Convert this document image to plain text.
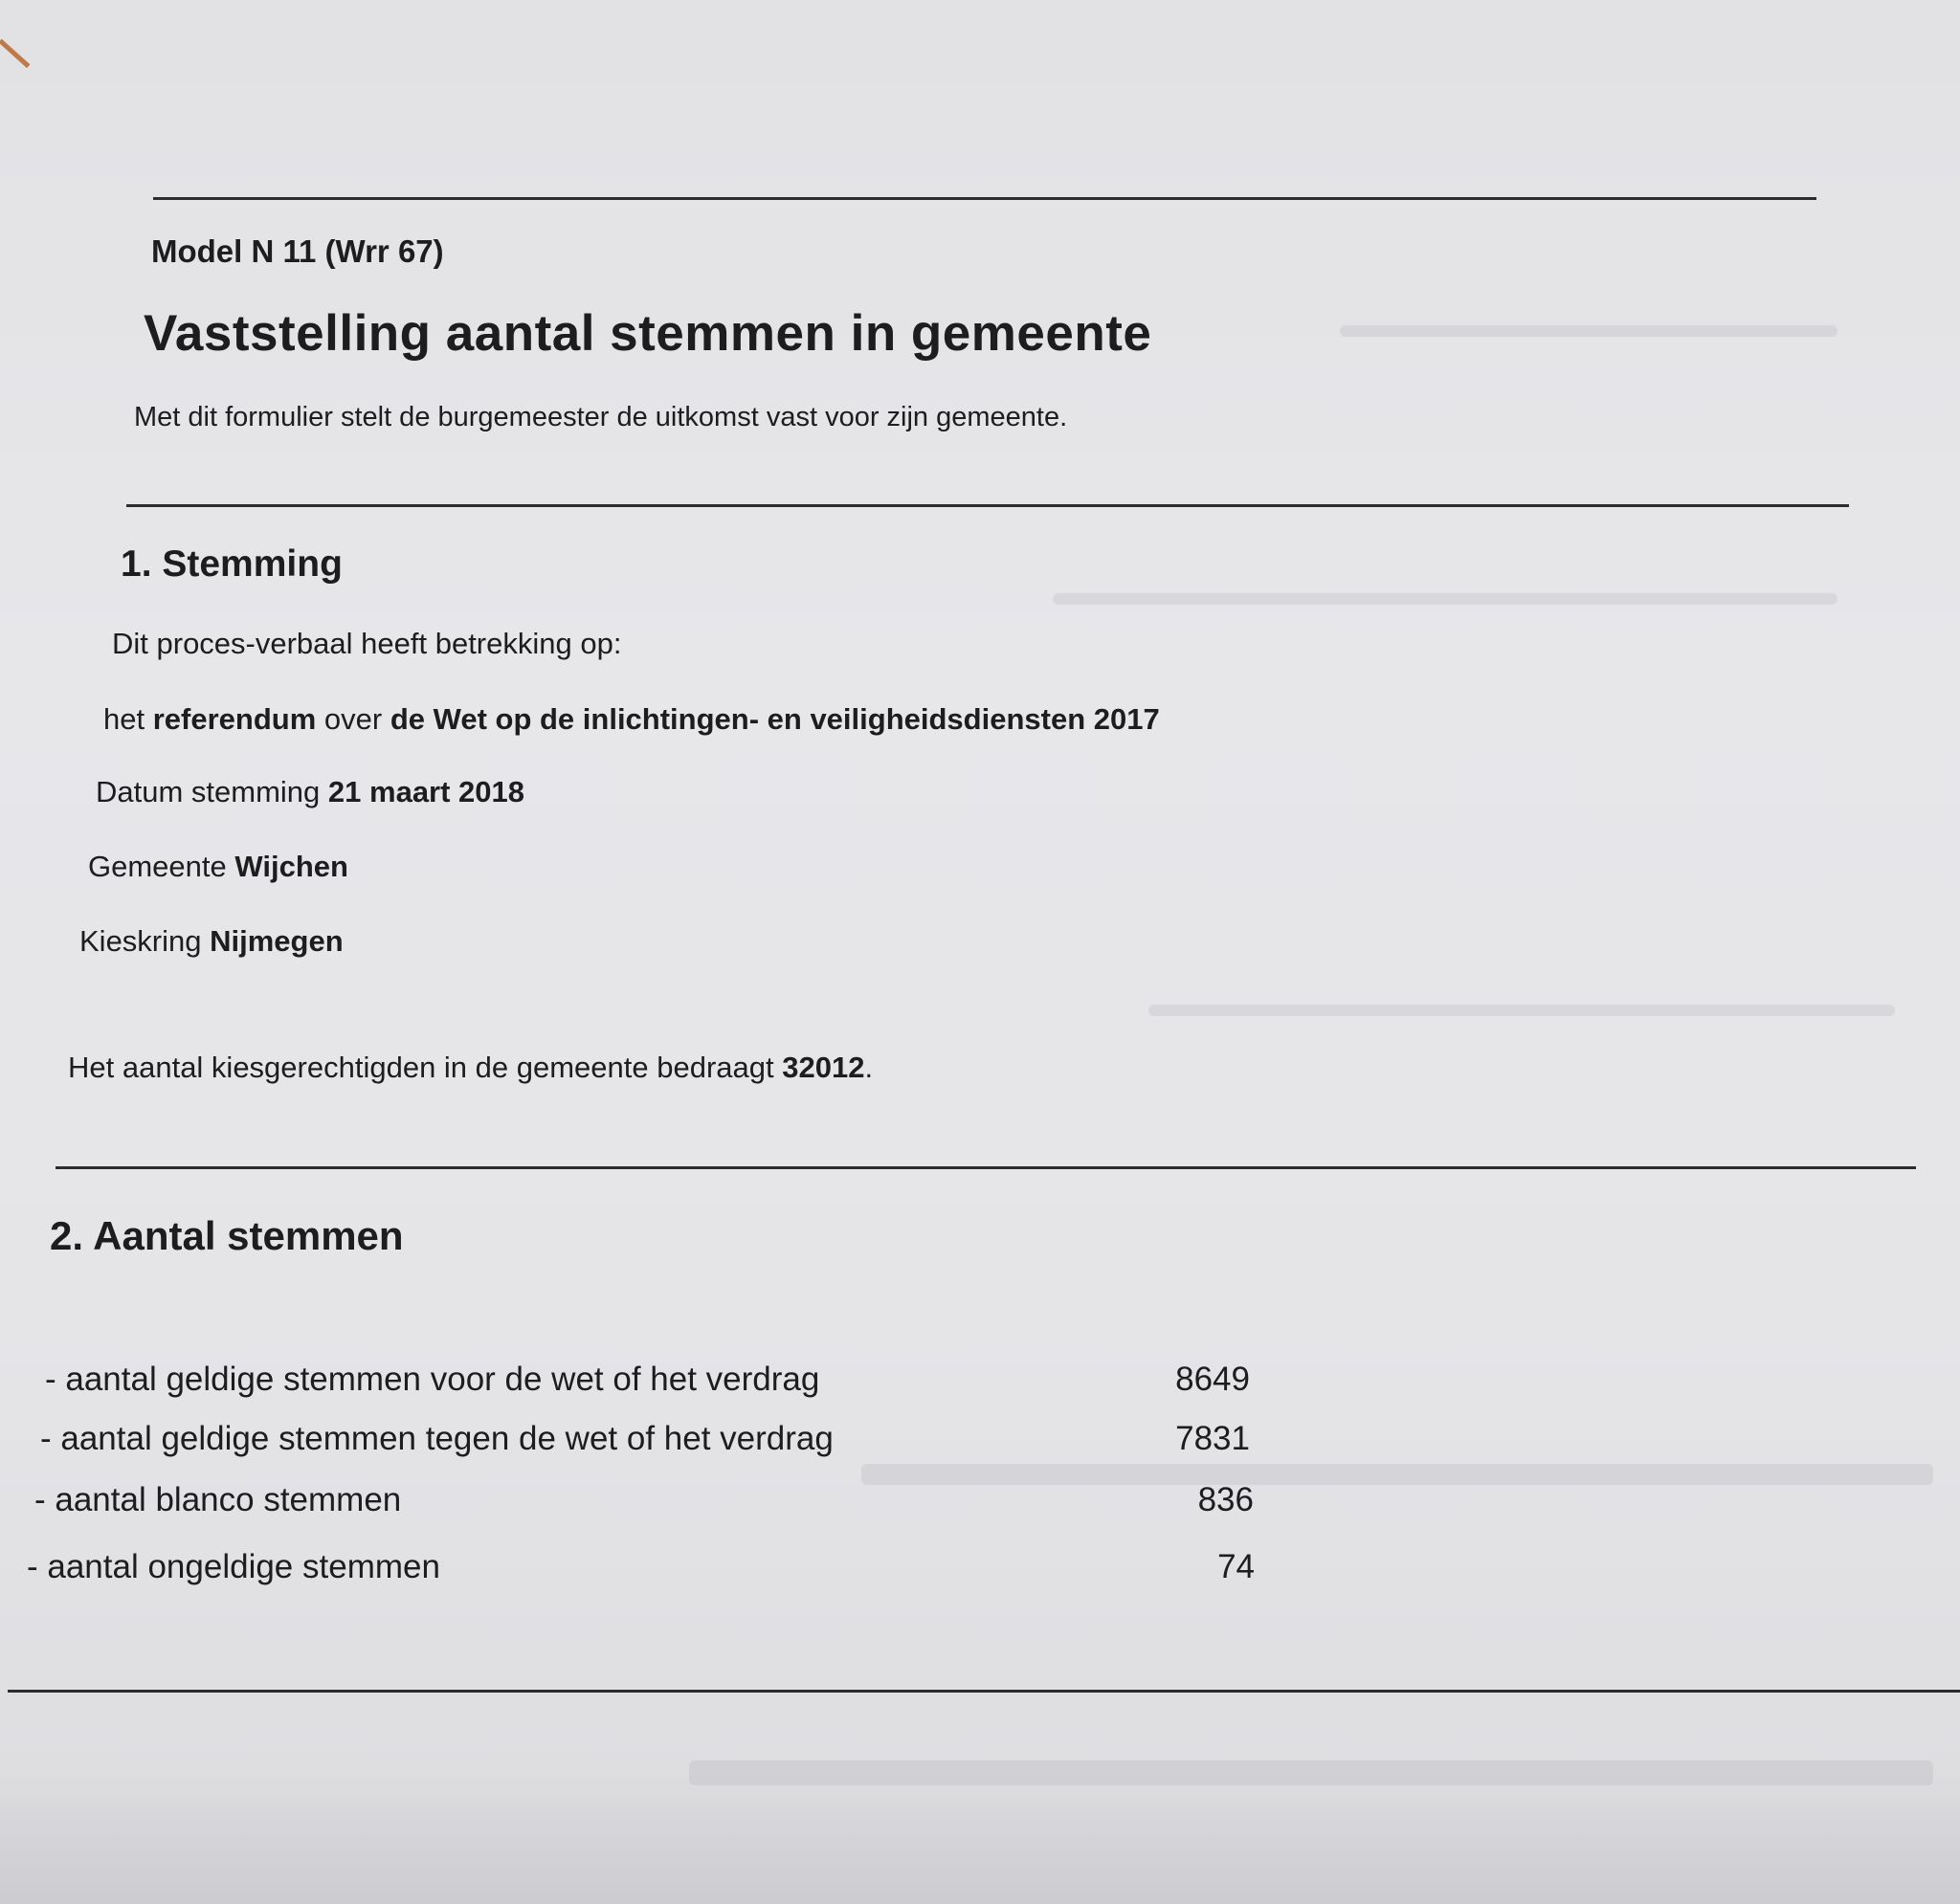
Model N 11 (Wrr 67)
Vaststelling aantal stemmen in gemeente
Met dit formulier stelt de burgemeester de uitkomst vast voor zijn gemeente.
1. Stemming
Dit proces-verbaal heeft betrekking op:
het referendum over de Wet op de inlichtingen- en veiligheidsdiensten 2017
Datum stemming 21 maart 2018
Gemeente Wijchen
Kieskring Nijmegen
Het aantal kiesgerechtigden in de gemeente bedraagt 32012.
2. Aantal stemmen
- aantal geldige stemmen voor de wet of het verdrag	8649
- aantal geldige stemmen tegen de wet of het verdrag	7831
- aantal blanco stemmen	836
- aantal ongeldige stemmen	74
